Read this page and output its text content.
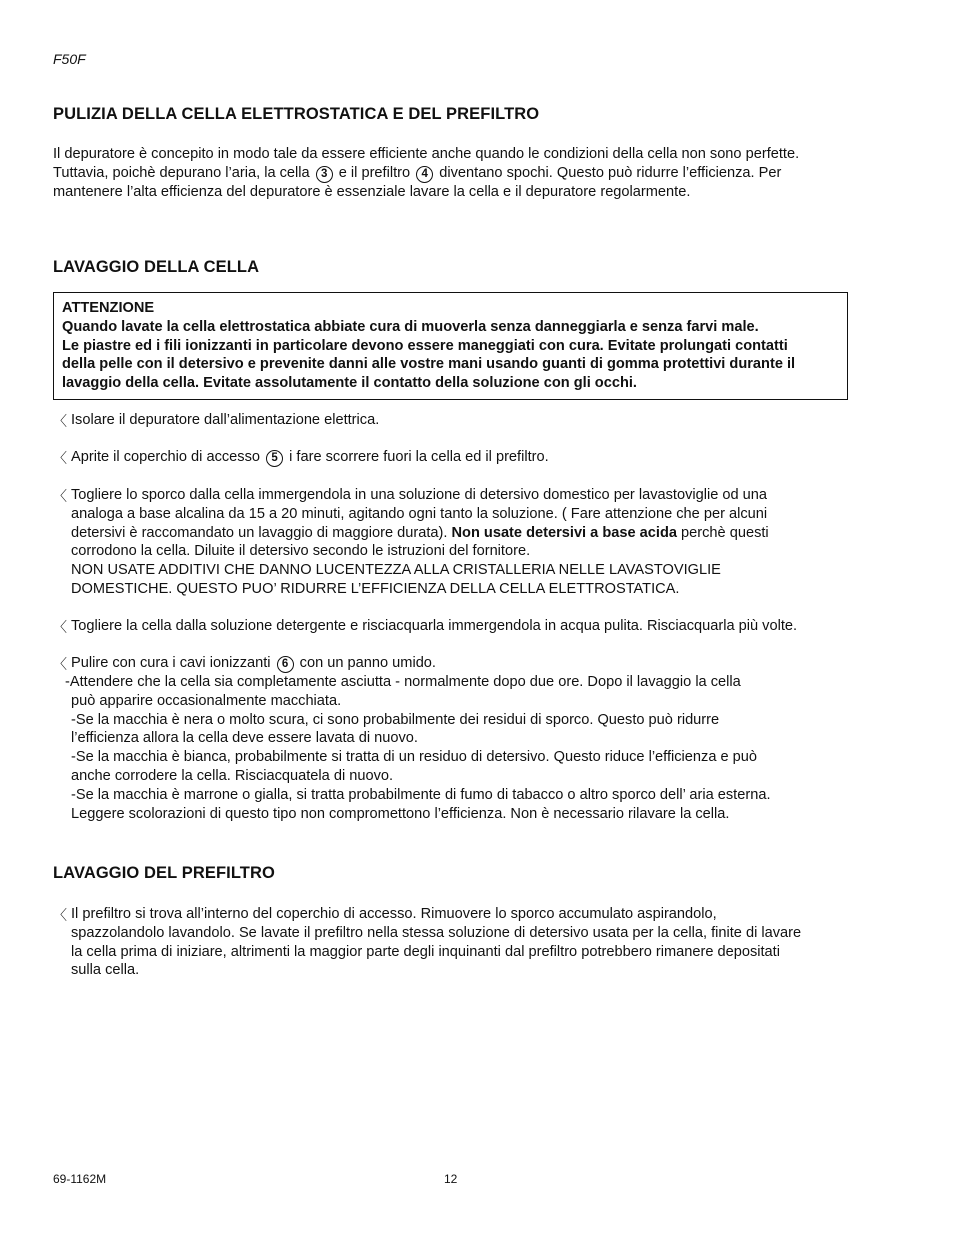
F50F
PULIZIA DELLA CELLA ELETTROSTATICA E DEL PREFILTRO
Il depuratore è concepito in modo tale da essere efficiente anche quando le condizioni della cella non sono perfette.
Tuttavia, poichè depurano l’aria, la cella 3 e il prefiltro 4 diventano spochi. Questo può ridurre l’efficienza. Per
mantenere l’alta efficienza del depuratore è essenziale lavare la cella e il depuratore regolarmente.
LAVAGGIO DELLA CELLA
ATTENZIONE
Quando lavate la cella elettrostatica abbiate cura di muoverla senza danneggiarla e senza farvi male.
Le piastre ed i fili ionizzanti in particolare devono essere maneggiati con cura. Evitate prolungati contatti
della pelle con il detersivo e prevenite danni alle vostre mani usando guanti di gomma protettivi durante il
lavaggio della cella. Evitate assolutamente il contatto della soluzione con gli occhi.
〈 Isolare il depuratore dall’alimentazione elettrica.
〈 Aprite il coperchio di accesso 5 i fare scorrere fuori la cella ed il prefiltro.
〈 Togliere lo sporco dalla cella immergendola in una soluzione di detersivo domestico per lavastoviglie od una
analoga a base alcalina da 15 a 20 minuti, agitando ogni tanto la soluzione. ( Fare attenzione che per alcuni
detersivi è raccomandato un lavaggio di maggiore durata). Non usate detersivi a base acida perchè questi
corrodono la cella. Diluite il detersivo secondo le istruzioni del fornitore.
NON USATE ADDITIVI CHE DANNO LUCENTEZZA ALLA CRISTALLERIA NELLE LAVASTOVIGLIE
DOMESTICHE. QUESTO PUO’ RIDURRE L’EFFICIENZA DELLA CELLA ELETTROSTATICA.
〈 Togliere la cella dalla soluzione detergente e risciacquarla immergendola in acqua pulita. Risciacquarla più volte.
〈 Pulire con cura i cavi ionizzanti 6 con un panno umido.
-Attendere che la cella sia completamente asciutta - normalmente dopo due ore. Dopo il lavaggio la cella
può apparire occasionalmente macchiata.
-Se la macchia è nera o molto scura, ci sono probabilmente dei residui di sporco. Questo può ridurre
l’efficienza allora la cella deve essere lavata di nuovo.
-Se la macchia è bianca, probabilmente si tratta di un residuo di detersivo. Questo riduce l’efficienza e può
anche corrodere la cella. Risciacquatela di nuovo.
-Se la macchia è marrone o gialla, si tratta probabilmente di fumo di tabacco o altro sporco dell’ aria esterna.
Leggere scolorazioni di questo tipo non compromettono l’efficienza. Non è necessario rilavare la cella.
LAVAGGIO DEL PREFILTRO
〈 Il prefiltro si trova all’interno del coperchio di accesso. Rimuovere lo sporco accumulato aspirandolo,
spazzolandolo lavandolo. Se lavate il prefiltro nella stessa soluzione di detersivo usata per la cella, finite di lavare
la cella prima di iniziare, altrimenti la maggior parte degli inquinanti dal prefiltro potrebbero rimanere depositati
sulla cella.
69-1162M	12
